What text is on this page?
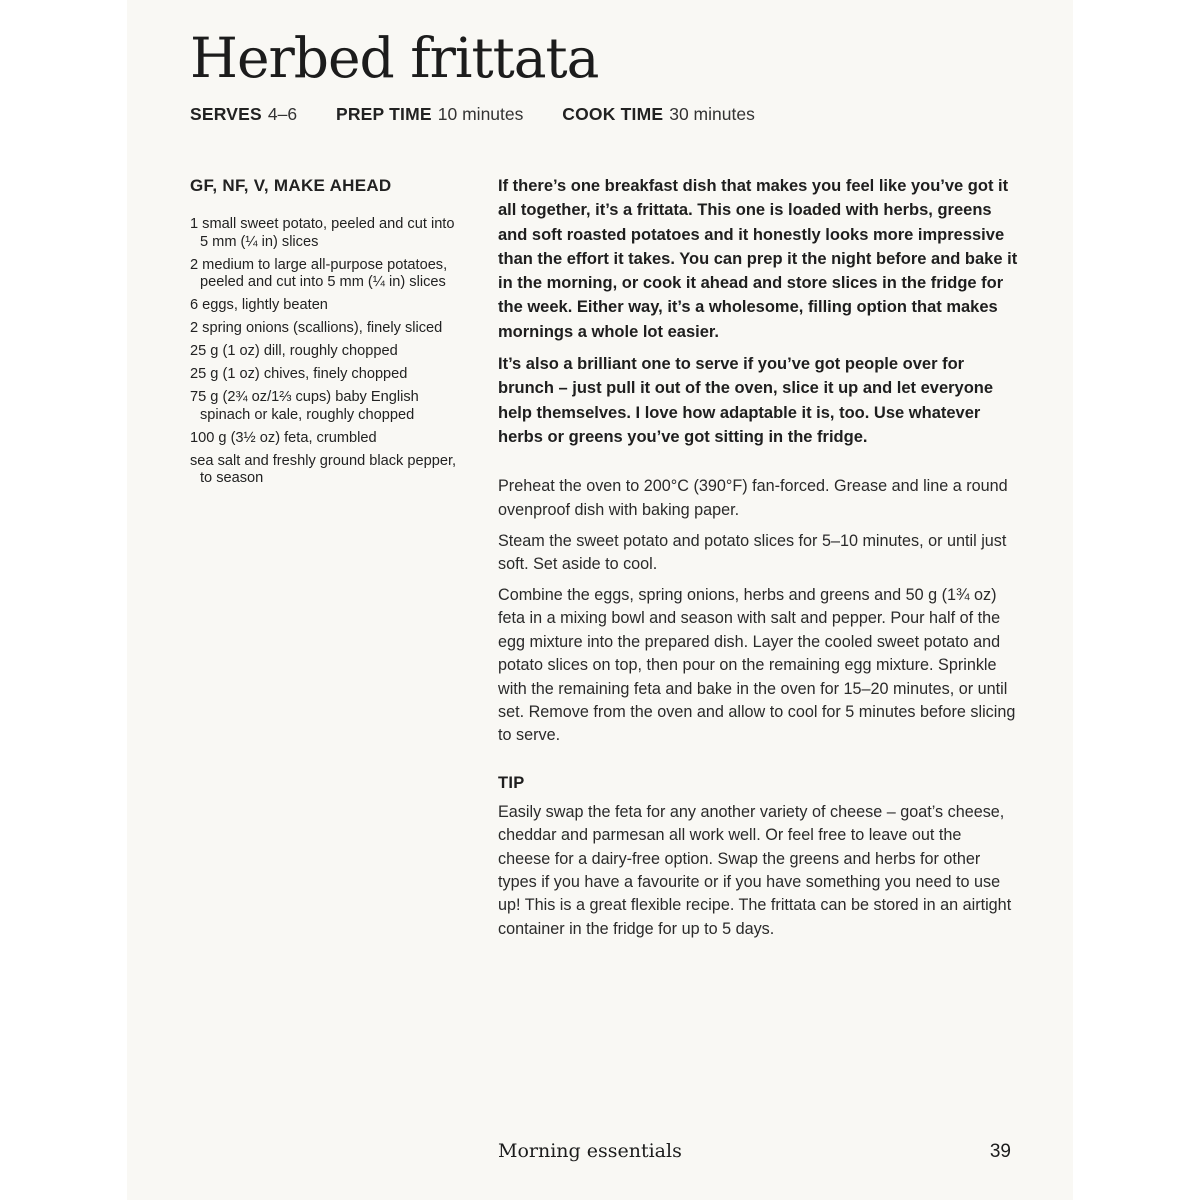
Herbed frittata
SERVES 4–6 PREP TIME 10 minutes COOK TIME 30 minutes
GF, NF, V, MAKE AHEAD
1 small sweet potato, peeled and cut into 5 mm (¼ in) slices
2 medium to large all-purpose potatoes, peeled and cut into 5 mm (¼ in) slices
6 eggs, lightly beaten
2 spring onions (scallions), finely sliced
25 g (1 oz) dill, roughly chopped
25 g (1 oz) chives, finely chopped
75 g (2¾ oz/1⅔ cups) baby English spinach or kale, roughly chopped
100 g (3½ oz) feta, crumbled
sea salt and freshly ground black pepper, to season

If there’s one breakfast dish that makes you feel like you’ve got it all together, it’s a frittata. This one is loaded with herbs, greens and soft roasted potatoes and it honestly looks more impressive than the effort it takes. You can prep it the night before and bake it in the morning, or cook it ahead and store slices in the fridge for the week. Either way, it’s a wholesome, filling option that makes mornings a whole lot easier.

It’s also a brilliant one to serve if you’ve got people over for brunch – just pull it out of the oven, slice it up and let everyone help themselves. I love how adaptable it is, too. Use whatever herbs or greens you’ve got sitting in the fridge.

Preheat the oven to 200°C (390°F) fan-forced. Grease and line a round ovenproof dish with baking paper.

Steam the sweet potato and potato slices for 5–10 minutes, or until just soft. Set aside to cool.

Combine the eggs, spring onions, herbs and greens and 50 g (1¾ oz) feta in a mixing bowl and season with salt and pepper. Pour half of the egg mixture into the prepared dish. Layer the cooled sweet potato and potato slices on top, then pour on the remaining egg mixture. Sprinkle with the remaining feta and bake in the oven for 15–20 minutes, or until set. Remove from the oven and allow to cool for 5 minutes before slicing to serve.

TIP

Easily swap the feta for any another variety of cheese – goat’s cheese, cheddar and parmesan all work well. Or feel free to leave out the cheese for a dairy-free option. Swap the greens and herbs for other types if you have a favourite or if you have something you need to use up! This is a great flexible recipe. The frittata can be stored in an airtight container in the fridge for up to 5 days.

Morning essentials	39
